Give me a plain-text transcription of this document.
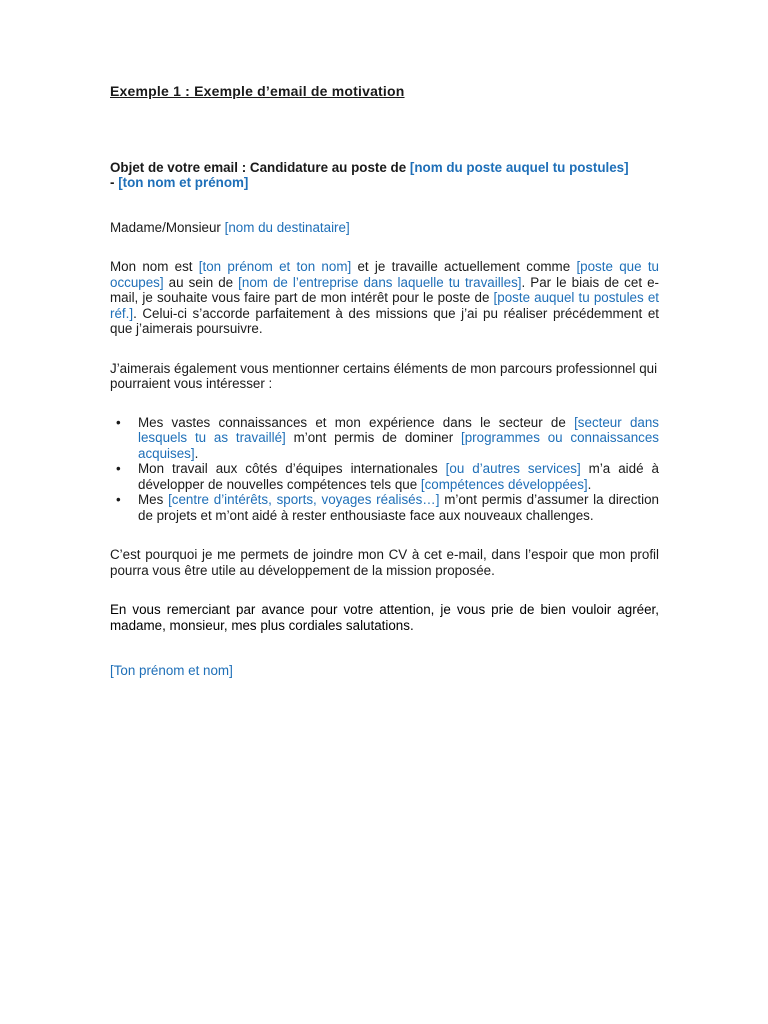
Exemple 1 : Exemple d’email de motivation

Objet de votre email : Candidature au poste de [nom du poste auquel tu postules]
- [ton nom et prénom]

Madame/Monsieur [nom du destinataire]

Mon nom est [ton prénom et ton nom] et je travaille actuellement comme [poste que tu occupes] au sein de [nom de l’entreprise dans laquelle tu travailles]. Par le biais de cet e-mail, je souhaite vous faire part de mon intérêt pour le poste de [poste auquel tu postules et réf.]. Celui-ci s’accorde parfaitement à des missions que j’ai pu réaliser précédemment et que j’aimerais poursuivre.

J’aimerais également vous mentionner certains éléments de mon parcours professionnel qui pourraient vous intéresser :

• Mes vastes connaissances et mon expérience dans le secteur de [secteur dans lesquels tu as travaillé] m’ont permis de dominer [programmes ou connaissances acquises].
• Mon travail aux côtés d’équipes internationales [ou d’autres services] m’a aidé à développer de nouvelles compétences tels que [compétences développées].
• Mes [centre d’intérêts, sports, voyages réalisés…] m’ont permis d’assumer la direction de projets et m’ont aidé à rester enthousiaste face aux nouveaux challenges.

C’est pourquoi je me permets de joindre mon CV à cet e-mail, dans l’espoir que mon profil pourra vous être utile au développement de la mission proposée.

En vous remerciant par avance pour votre attention, je vous prie de bien vouloir agréer, madame, monsieur, mes plus cordiales salutations.

[Ton prénom et nom]
